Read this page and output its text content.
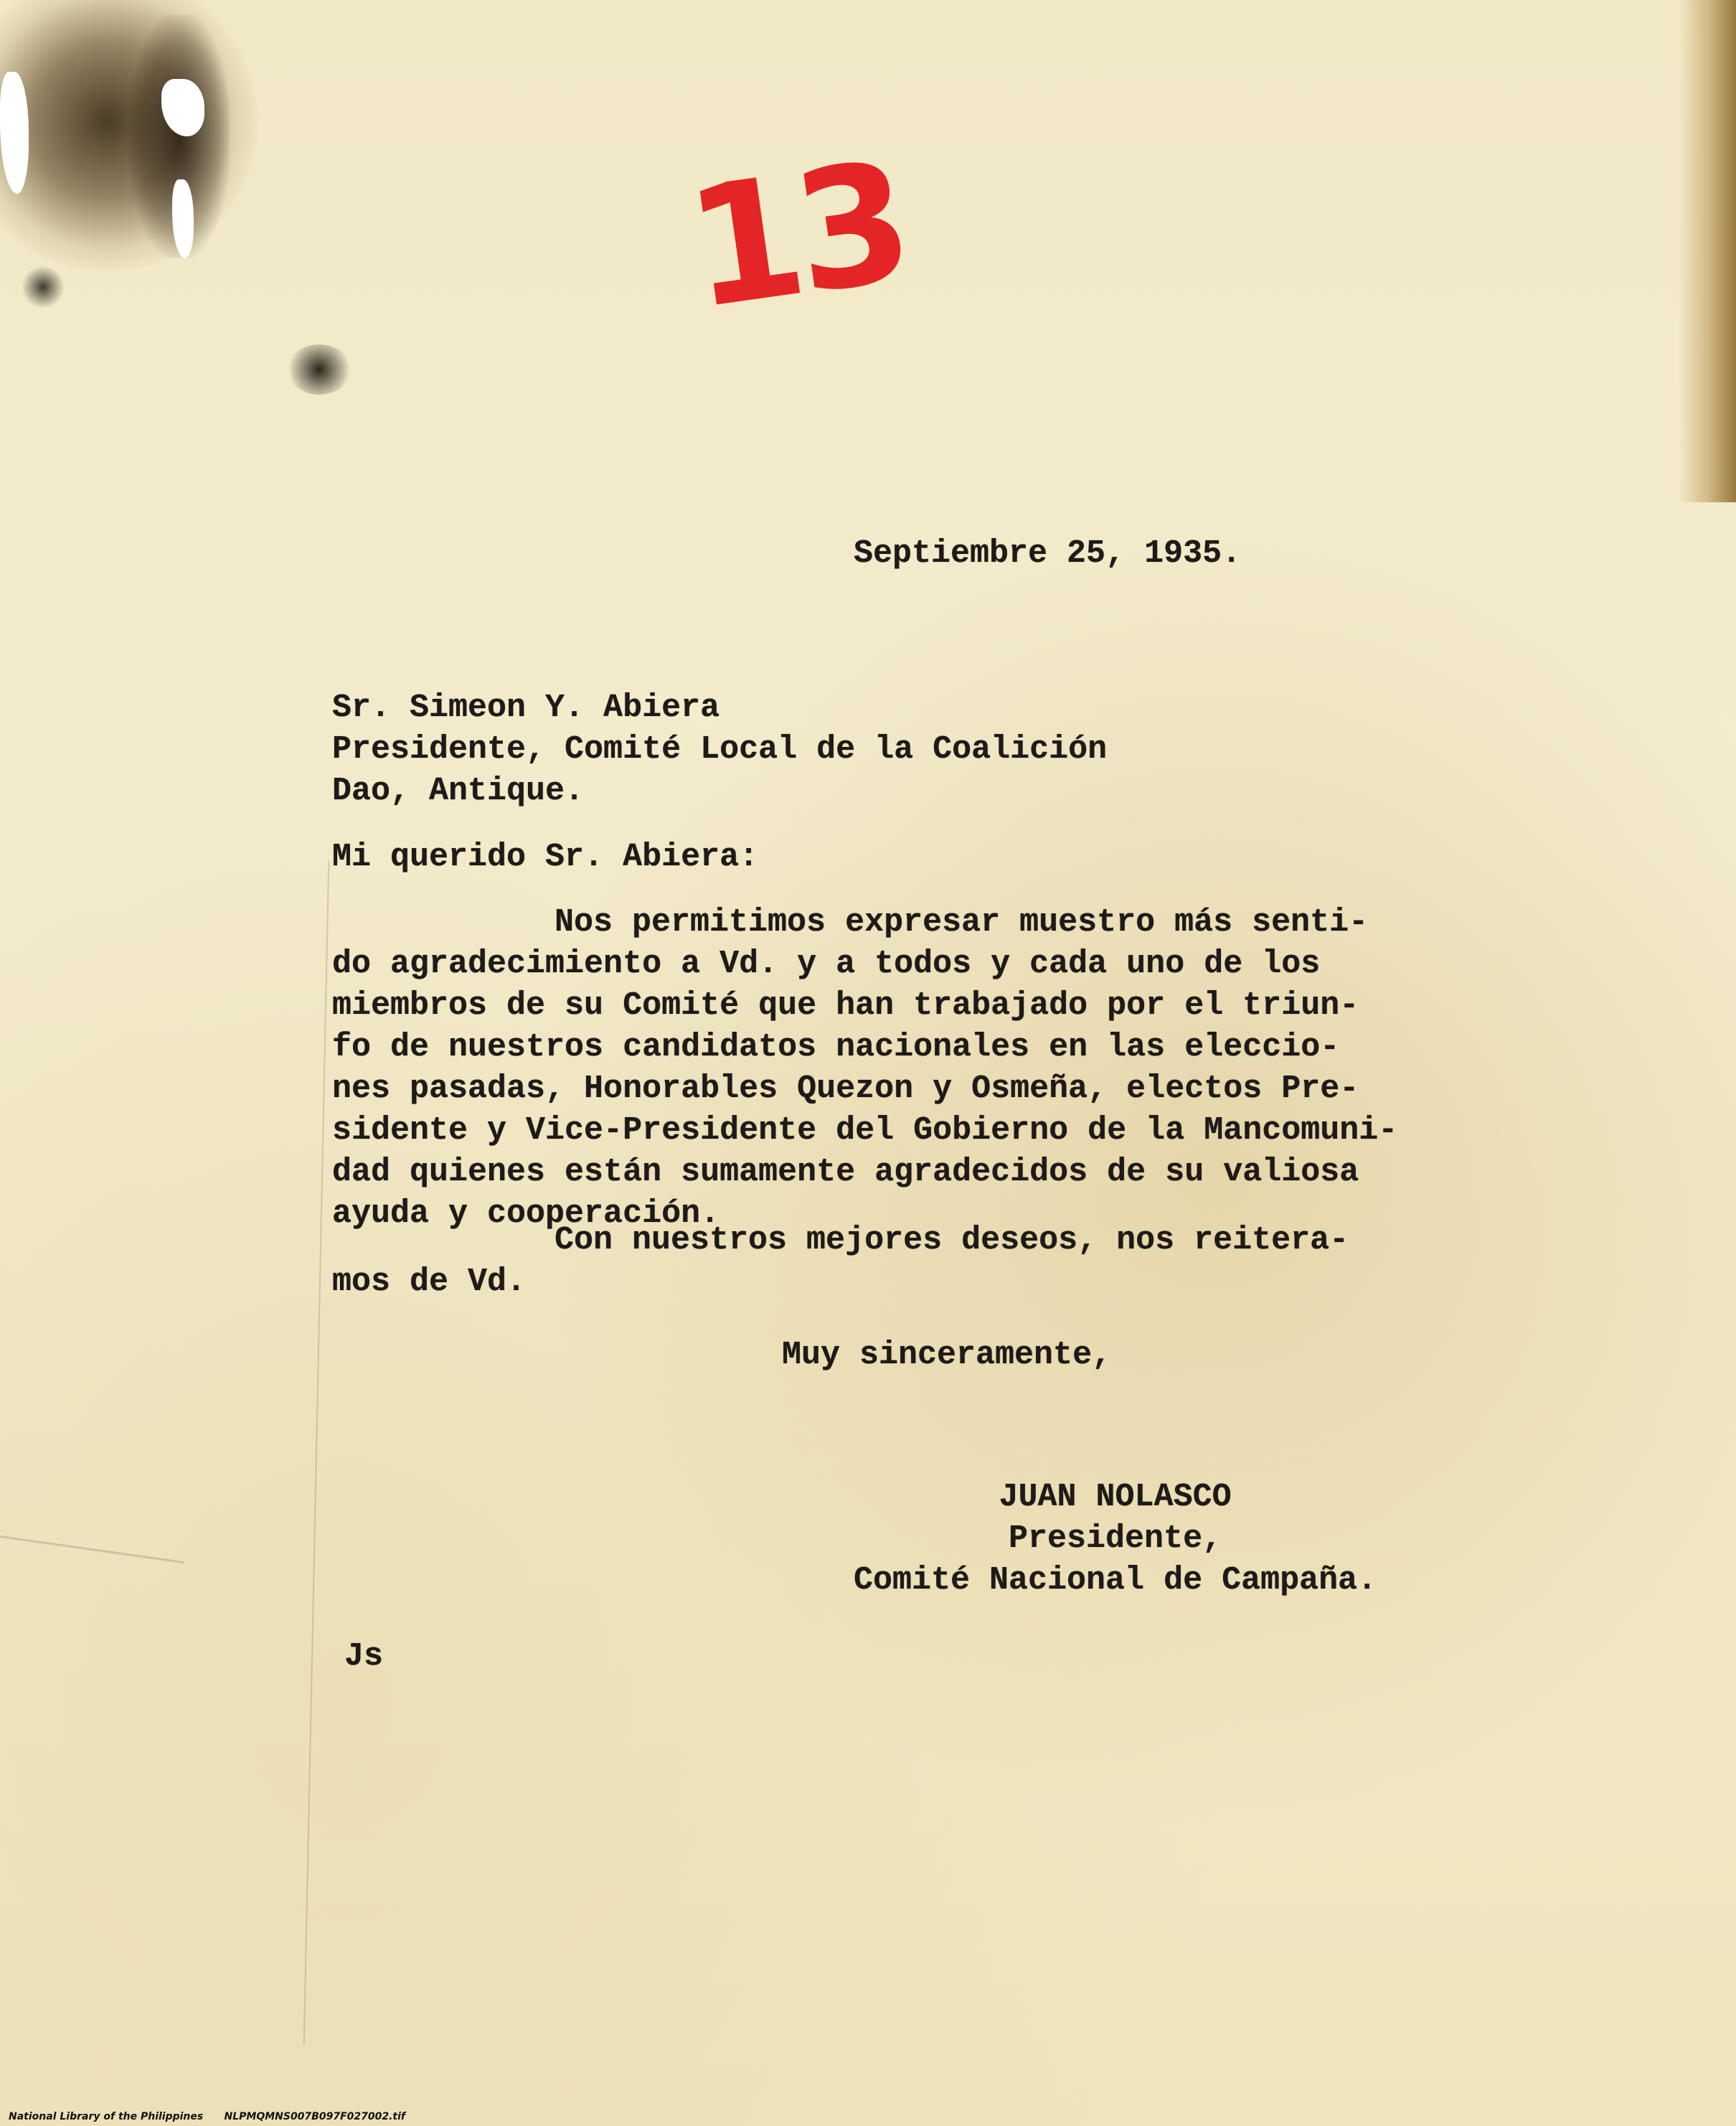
13

Septiembre 25, 1935.

Sr. Simeon Y. Abiera
Presidente, Comité Local de la Coalición
Dao, Antique.

Mi querido Sr. Abiera:

Nos permitimos expresar muestro más senti-
do agradecimiento a Vd. y a todos y cada uno de los
miembros de su Comité que han trabajado por el triun-
fo de nuestros candidatos nacionales en las eleccio-
nes pasadas, Honorables Quezon y Osmeña, electos Pre-
sidente y Vice-Presidente del Gobierno de la Mancomuni-
dad quienes están sumamente agradecidos de su valiosa
ayuda y cooperación.
Con nuestros mejores deseos, nos reitera-
mos de Vd.

Muy sinceramente,

JUAN NOLASCO
Presidente,
Comité Nacional de Campaña.

Js

National Library of the Philippines NLPMQMNS007B097F027002.tif
